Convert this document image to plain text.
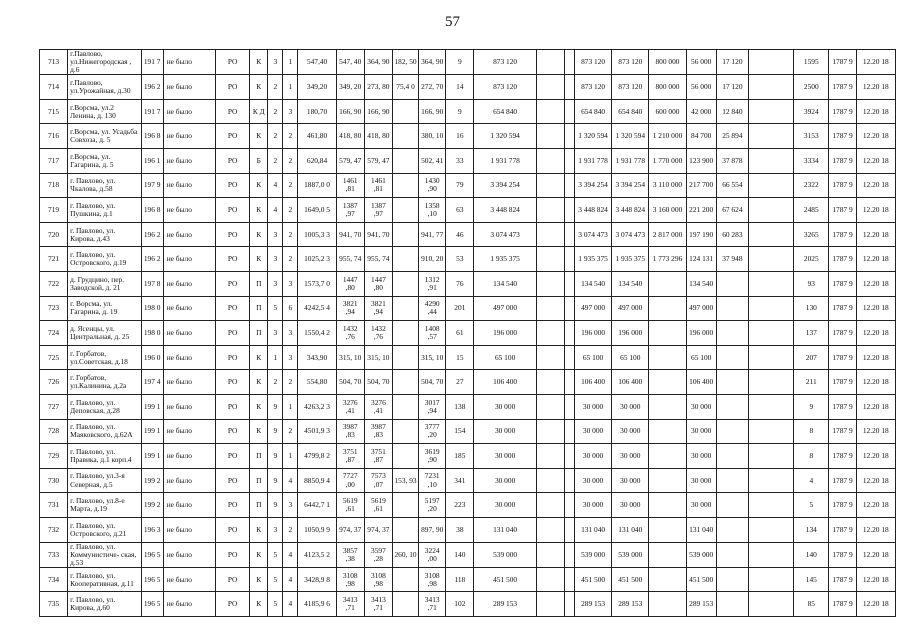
57
713	г.Павлово, ул.Нижегородская , д.6	191 7	не было	РО	К	3	1	547,40	547, 40	364, 90	182, 50	364, 90	9	873 120			873 120	873 120	800 000	56 000	17 120		1595	1787 9	12.20 18
714	г.Павлово, ул.Урожайная, д.30	196 2	не было	РО	К	2	1	349,20	349, 20	273, 80	75,4 0	272, 70	14	873 120			873 120	873 120	800 000	56 000	17 120		2500	1787 9	12.20 18
715	г.Ворсма, ул.2 Ленина, д. 130	191 7	не было	РО	К Д	2	3	180,70	166, 90	166, 90		166, 90	9	654 840			654 840	654 840	600 000	42 000	12 840		3924	1787 9	12.20 18
716	г.Ворсма, ул. Усадьба Совхоза, д. 5	196 8	не было	РО	К	2	2	461,80	418, 80	418, 80		380, 10	16	1 320 594			1 320 594	1 320 594	1 210 000	84 700	25 894		3153	1787 9	12.20 18
717	г.Ворсма, ул. Гагарина, д. 5	196 1	не было	РО	Б	2	2	620,84	579, 47	579, 47		502, 41	33	1 931 778			1 931 778	1 931 778	1 770 000	123 900	37 878		3334	1787 9	12.20 18
718	г. Павлово, ул. Чкалова, д.58	197 9	не было	РО	К	4	2	1887,0 0	1461 ,81	1461 ,81		1430 ,90	79	3 394 254			3 394 254	3 394 254	3 110 000	217 700	66 554		2322	1787 9	12.20 18
719	г. Павлово, ул. Пушкина, д.1	196 8	не было	РО	К	4	2	1649,0 5	1387 ,97	1387 ,97		1358 ,10	63	3 448 824			3 448 824	3 448 824	3 160 000	221 200	67 624		2485	1787 9	12.20 18
720	г. Павлово, ул. Кирова, д.43	196 2	не было	РО	К	3	2	1005,3 3	941, 70	941, 70		941, 77	46	3 074 473			3 074 473	3 074 473	2 817 000	197 190	60 283		3265	1787 9	12.20 18
721	г. Павлово, ул. Островского, д.19	196 2	не было	РО	К	3	2	1025,2 3	955, 74	955, 74		910, 20	53	1 935 375			1 935 375	1 935 375	1 773 296	124 131	37 948		2025	1787 9	12.20 18
722	д. Грудцино, пер. Заводской, д. 21	197 8	не было	РО	П	3	3	1573,7 0	1447 ,80	1447 ,80		1312 ,91	76	134 540			134 540	134 540		134 540			93	1787 9	12.20 18
723	г. Ворсма, ул. Гагарина, д. 19	198 0	не было	РО	П	5	6	4242,5 4	3821 ,94	3821 ,94		4290 ,44	201	497 000			497 000	497 000		497 000			130	1787 9	12.20 18
724	д. Ясенцы, ул. Центральная, д. 25	198 0	не было	РО	П	3	3	1550,4 2	1432 ,76	1432 ,76		1408 ,57	61	196 000			196 000	196 000		196 000			137	1787 9	12.20 18
725	г. Горбатов, ул.Советская, д.18	196 0	не было	РО	К	1	3	343,90	315, 10	315, 10		315, 10	15	65 100			65 100	65 100		65 100			207	1787 9	12.20 18
726	г. Горбатов, ул.Калинина, д.2а	197 4	не было	РО	К	2	2	554,80	504, 70	504, 70		504, 70	27	106 400			106 400	106 400		106 400			211	1787 9	12.20 18
727	г. Павлово, ул. Деповская, д.28	199 1	не было	РО	К	9	1	4263,2 3	3276 ,41	3276 ,41		3017 ,94	138	30 000			30 000	30 000		30 000			9	1787 9	12.20 18
728	г. Павлово, ул. Маяковского, д.62А	199 1	не было	РО	К	9	2	4501,9 3	3987 ,83	3987 ,83		3777 ,20	154	30 000			30 000	30 000		30 000			8	1787 9	12.20 18
729	г. Павлово, ул. Правика, д.1 корп.4	199 1	не было	РО	П	9	1	4799,8 2	3751 ,87	3751 ,87		3619 ,90	185	30 000			30 000	30 000		30 000			8	1787 9	12.20 18
730	г. Павлово, ул.3-я Северная, д.5	199 2	не было	РО	П	9	4	8850,9 4	7727 ,00	7573 ,07	153, 93	7231 ,10	341	30 000			30 000	30 000		30 000			4	1787 9	12.20 18
731	г. Павлово, ул.8-е Марта, д.19	199 2	не было	РО	П	9	3	6442,7 1	5619 ,61	5619 ,61		5197 ,20	223	30 000			30 000	30 000		30 000			5	1787 9	12.20 18
732	г. Павлово, ул. Островского, д.21	196 3	не было	РО	К	3	2	1050,9 9	974, 37	974, 37		897, 90	38	131 040			131 040	131 040		131 040			134	1787 9	12.20 18
733	г. Павлово, ул. Коммунистиче- ская, д.53	196 5	не было	РО	К	5	4	4123,5 2	3857 ,38	3597 ,28	260, 10	3224 ,00	140	539 000			539 000	539 000		539 000			140	1787 9	12.20 18
734	г. Павлово, ул. Кооперативная, д.11	196 5	не было	РО	К	5	4	3428,9 8	3108 ,98	3108 ,98		3108 ,98	118	451 500			451 500	451 500		451 500			145	1787 9	12.20 18
735	г. Павлово, ул. Кирова, д.60	196 5	не было	РО	К	5	4	4185,9 6	3413 ,71	3413 ,71		3413 ,71	102	289 153			289 153	289 153		289 153			85	1787 9	12.20 18
